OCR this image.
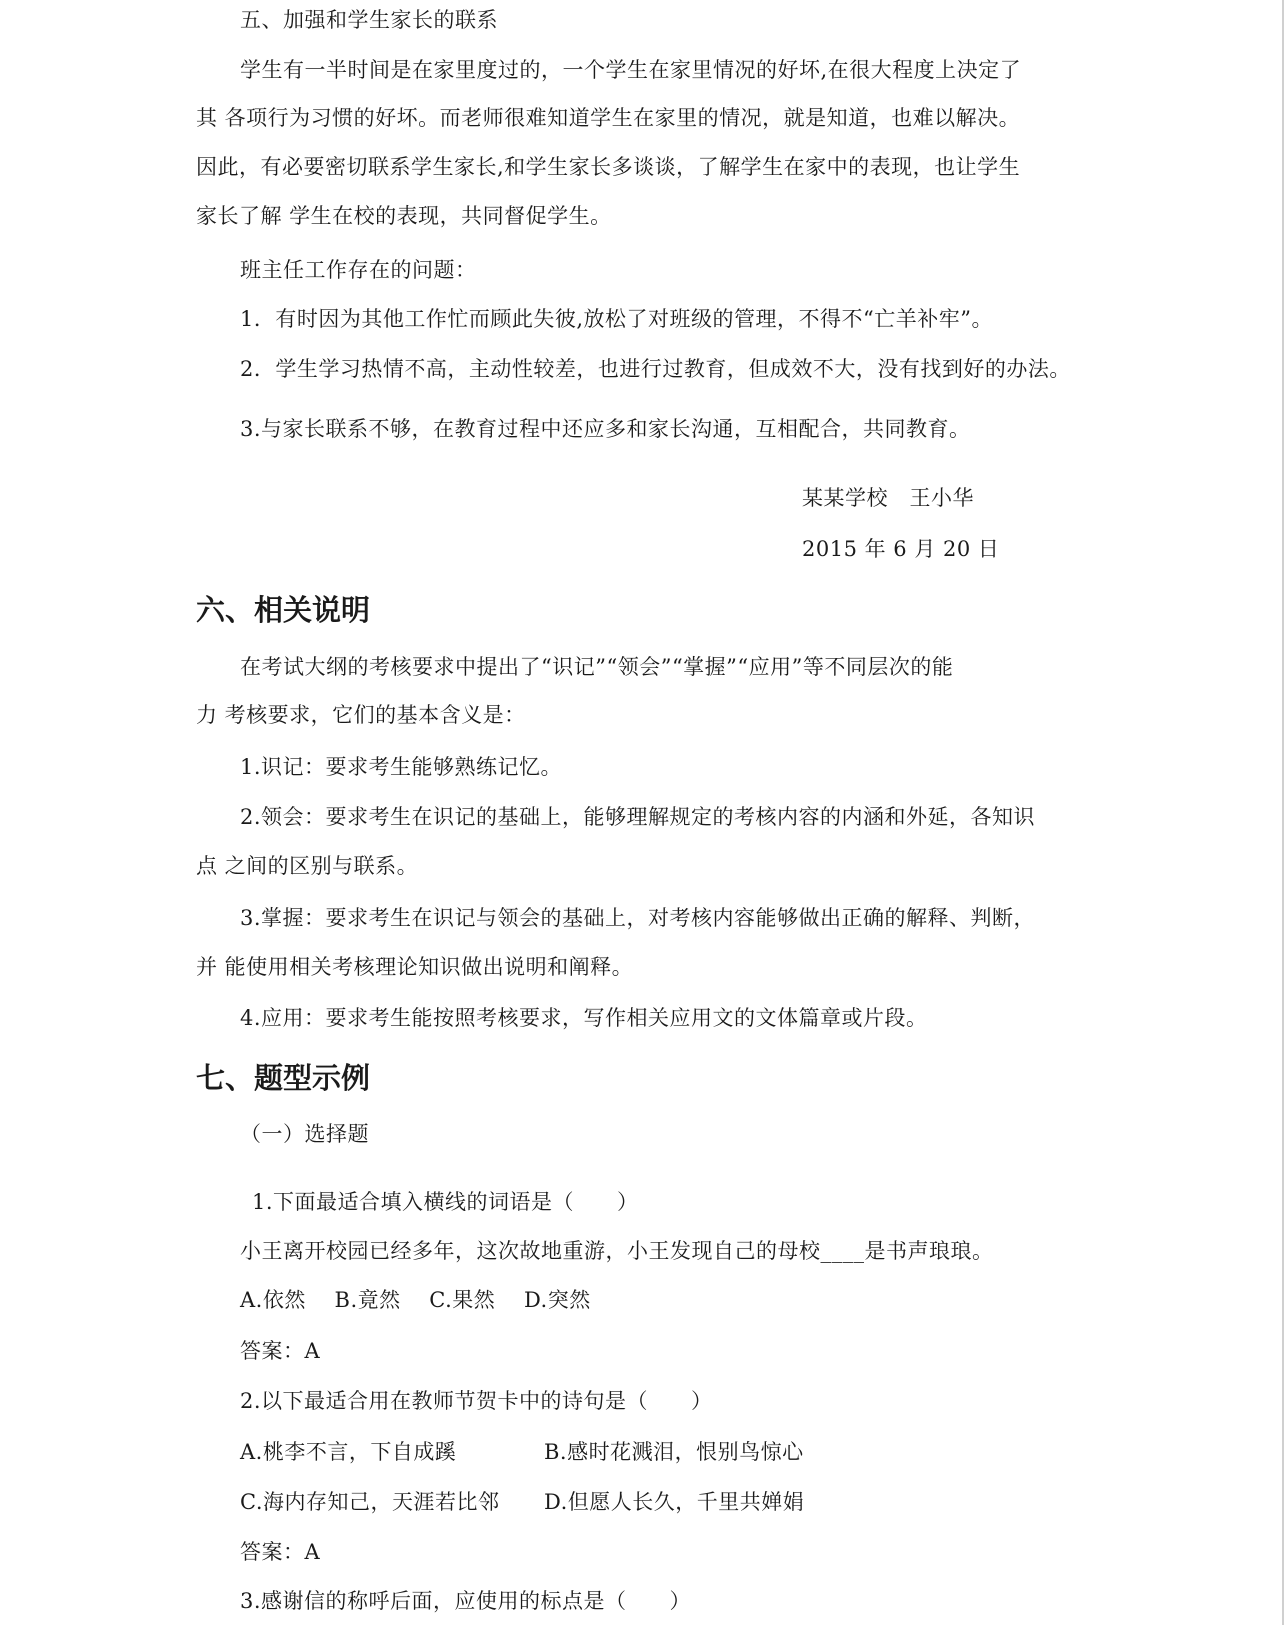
五、加强和学生家长的联系
学生有一半时间是在家里度过的，一个学生在家里情况的好坏,在很大程度上决定了
其 各项行为习惯的好坏。而老师很难知道学生在家里的情况，就是知道，也难以解决。
因此，有必要密切联系学生家长,和学生家长多谈谈，了解学生在家中的表现，也让学生
家长了解 学生在校的表现，共同督促学生。
班主任工作存在的问题：
1．有时因为其他工作忙而顾此失彼,放松了对班级的管理，不得不“亡羊补牢”。
2．学生学习热情不高，主动性较差，也进行过教育，但成效不大，没有找到好的办法。
3.与家长联系不够，在教育过程中还应多和家长沟通，互相配合，共同教育。
某某学校　王小华
2015 年 6 月 20 日
六、相关说明
在考试大纲的考核要求中提出了“识记”“领会”“掌握”“应用”等不同层次的能
力 考核要求，它们的基本含义是：
1.识记：要求考生能够熟练记忆。
2.领会：要求考生在识记的基础上，能够理解规定的考核内容的内涵和外延，各知识
点 之间的区别与联系。
3.掌握：要求考生在识记与领会的基础上，对考核内容能够做出正确的解释、判断，
并 能使用相关考核理论知识做出说明和阐释。
4.应用：要求考生能按照考核要求，写作相关应用文的文体篇章或片段。
七、题型示例
（一）选择题
1.下面最适合填入横线的词语是（　　）
小王离开校园已经多年，这次故地重游，小王发现自己的母校____是书声琅琅。
A.依然　 B.竟然　 C.果然　 D.突然
答案：A
2.以下最适合用在教师节贺卡中的诗句是（　　）
A.桃李不言，下自成蹊	B.感时花溅泪，恨别鸟惊心
C.海内存知己，天涯若比邻 D.但愿人长久，千里共婵娟
答案：A
3.感谢信的称呼后面，应使用的标点是（　　）
